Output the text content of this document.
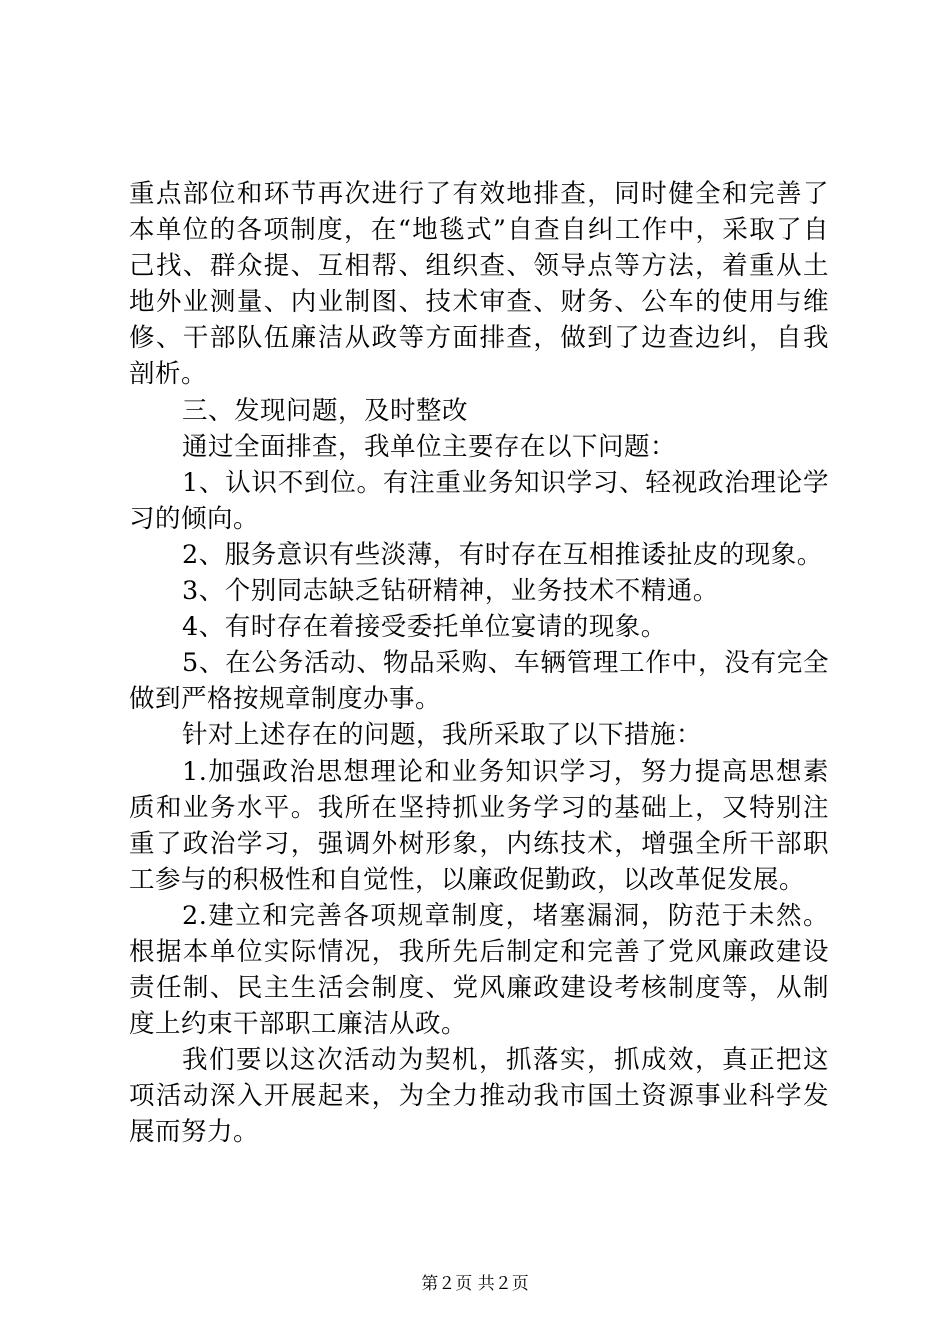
重点部位和环节再次进行了有效地排查，同时健全和完善了本单位的各项制度，在“地毯式”自查自纠工作中，采取了自己找、群众提、互相帮、组织查、领导点等方法，着重从土地外业测量、内业制图、技术审查、财务、公车的使用与维修、干部队伍廉洁从政等方面排查，做到了边查边纠，自我剖析。

三、发现问题，及时整改

通过全面排查，我单位主要存在以下问题：

1、认识不到位。有注重业务知识学习、轻视政治理论学习的倾向。

2、服务意识有些淡薄，有时存在互相推诿扯皮的现象。

3、个别同志缺乏钻研精神，业务技术不精通。

4、有时存在着接受委托单位宴请的现象。

5、在公务活动、物品采购、车辆管理工作中，没有完全做到严格按规章制度办事。

针对上述存在的问题，我所采取了以下措施：

1.加强政治思想理论和业务知识学习，努力提高思想素质和业务水平。我所在坚持抓业务学习的基础上，又特别注重了政治学习，强调外树形象，内练技术，增强全所干部职工参与的积极性和自觉性，以廉政促勤政，以改革促发展。

2.建立和完善各项规章制度，堵塞漏洞，防范于未然。根据本单位实际情况，我所先后制定和完善了党风廉政建设责任制、民主生活会制度、党风廉政建设考核制度等，从制度上约束干部职工廉洁从政。

我们要以这次活动为契机，抓落实，抓成效，真正把这项活动深入开展起来，为全力推动我市国土资源事业科学发展而努力。

第２页 共２页
